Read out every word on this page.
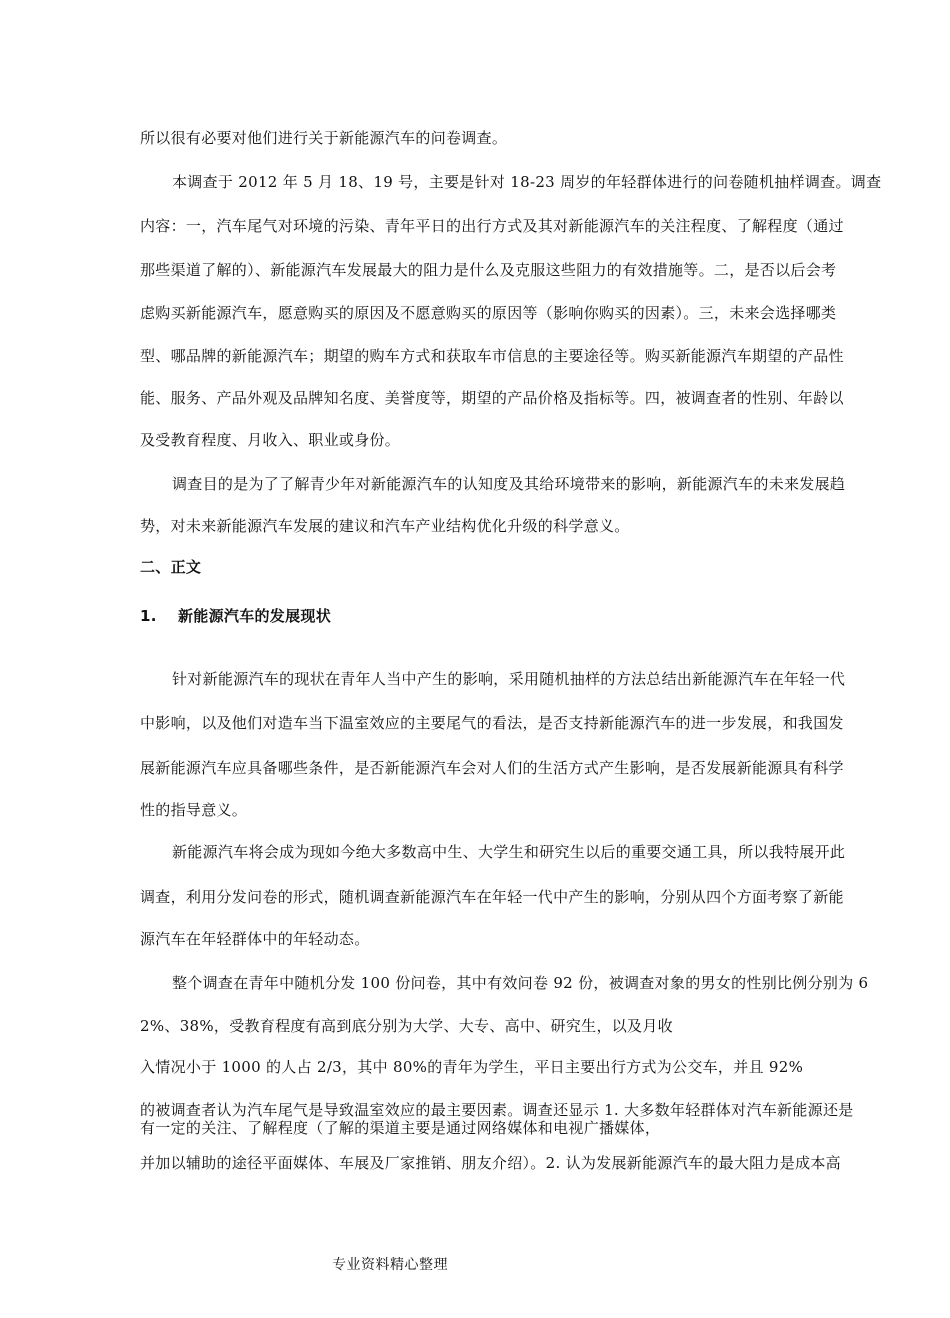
所以很有必要对他们进行关于新能源汽车的问卷调查。
本调查于 2012 年 5 月 18、19 号，主要是针对 18-23 周岁的年轻群体进行的问卷随机抽样调查。调查
内容：一，汽车尾气对环境的污染、青年平日的出行方式及其对新能源汽车的关注程度、了解程度（通过
那些渠道了解的）、新能源汽车发展最大的阻力是什么及克服这些阻力的有效措施等。二，是否以后会考
虑购买新能源汽车，愿意购买的原因及不愿意购买的原因等（影响你购买的因素）。三，未来会选择哪类
型、哪品牌的新能源汽车；期望的购车方式和获取车市信息的主要途径等。购买新能源汽车期望的产品性
能、服务、产品外观及品牌知名度、美誉度等，期望的产品价格及指标等。四，被调查者的性别、年龄以
及受教育程度、月收入、职业或身份。
调查目的是为了了解青少年对新能源汽车的认知度及其给环境带来的影响，新能源汽车的未来发展趋
势，对未来新能源汽车发展的建议和汽车产业结构优化升级的科学意义。
二、正文
1. 新能源汽车的发展现状
针对新能源汽车的现状在青年人当中产生的影响，采用随机抽样的方法总结出新能源汽车在年轻一代
中影响，以及他们对造车当下温室效应的主要尾气的看法，是否支持新能源汽车的进一步发展，和我国发
展新能源汽车应具备哪些条件，是否新能源汽车会对人们的生活方式产生影响，是否发展新能源具有科学
性的指导意义。
新能源汽车将会成为现如今绝大多数高中生、大学生和研究生以后的重要交通工具，所以我特展开此
调查，利用分发问卷的形式，随机调查新能源汽车在年轻一代中产生的影响，分别从四个方面考察了新能
源汽车在年轻群体中的年轻动态。
整个调查在青年中随机分发 100 份问卷，其中有效问卷 92 份，被调查对象的男女的性别比例分别为 6
2%、38%，受教育程度有高到底分别为大学、大专、高中、研究生，以及月收
入情况小于 1000 的人占 2/3，其中 80%的青年为学生，平日主要出行方式为公交车，并且 92%
的被调查者认为汽车尾气是导致温室效应的最主要因素。调查还显示 1. 大多数年轻群体对汽车新能源还是
有一定的关注、了解程度（了解的渠道主要是通过网络媒体和电视广播媒体，
并加以辅助的途径平面媒体、车展及厂家推销、朋友介绍）。2. 认为发展新能源汽车的最大阻力是成本高
专业资料精心整理
